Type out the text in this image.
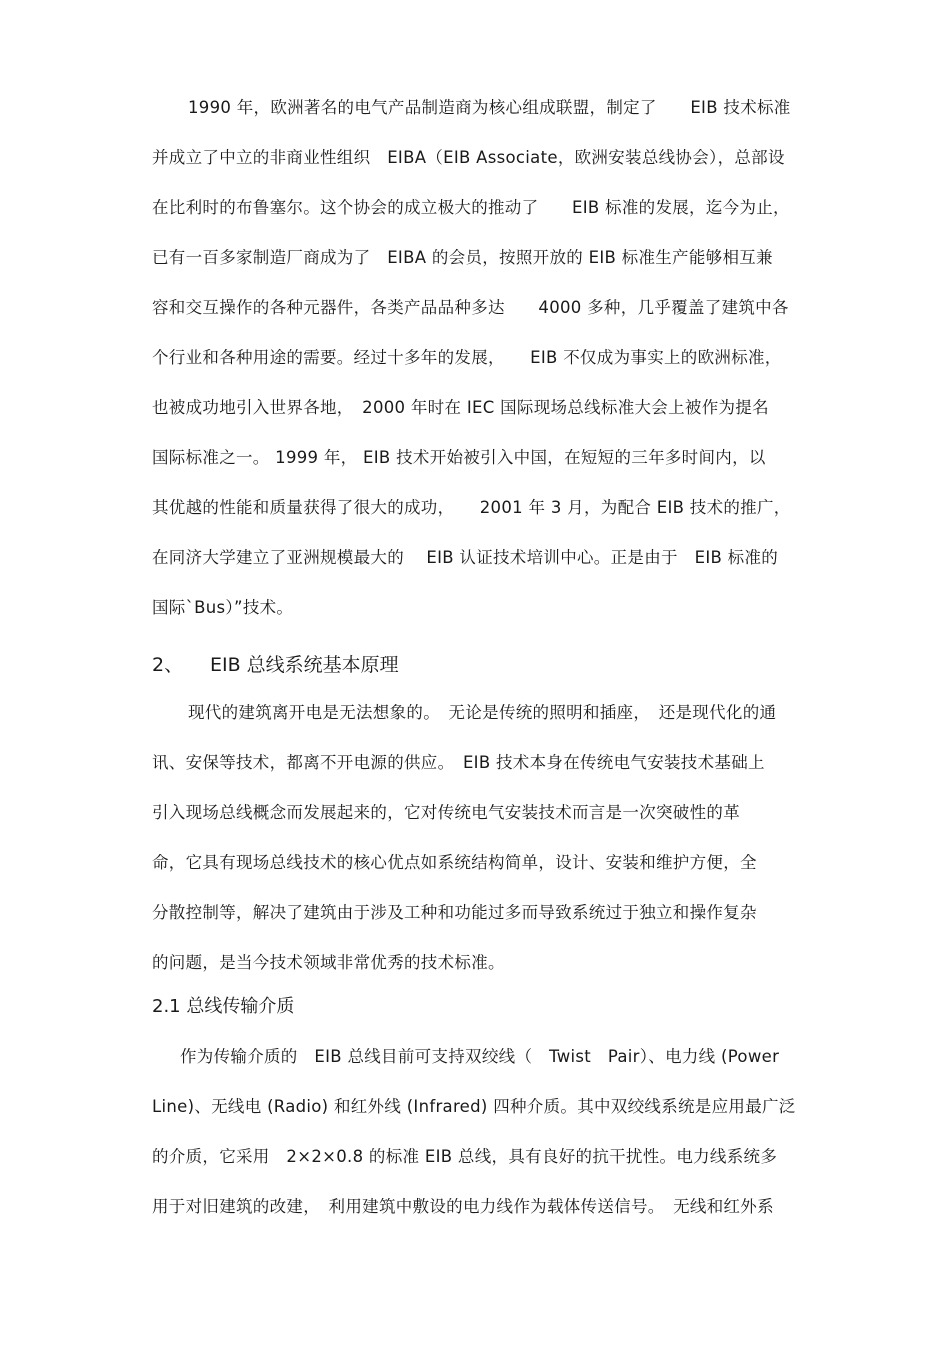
1990 年，欧洲著名的电气产品制造商为核心组成联盟，制定了　　EIB 技术标准
并成立了中立的非商业性组织　EIBA（EIB Associate，欧洲安装总线协会），总部设
在比利时的布鲁塞尔。这个协会的成立极大的推动了　　EIB 标准的发展，迄今为止，
已有一百多家制造厂商成为了　EIBA 的会员，按照开放的 EIB 标准生产能够相互兼
容和交互操作的各种元器件，各类产品品种多达　　4000 多种，几乎覆盖了建筑中各
个行业和各种用途的需要。经过十多年的发展，　　EIB 不仅成为事实上的欧洲标准，
也被成功地引入世界各地，　2000 年时在 IEC 国际现场总线标准大会上被作为提名
国际标准之一。 1999 年， EIB 技术开始被引入中国，在短短的三年多时间内，以
其优越的性能和质量获得了很大的成功，　　2001 年 3 月，为配合 EIB 技术的推广，
在同济大学建立了亚洲规模最大的　 EIB 认证技术培训中心。正是由于　EIB 标准的
国际`Bus）”技术。
2、 EIB 总线系统基本原理
现代的建筑离开电是无法想象的。　无论是传统的照明和插座，　还是现代化的通
讯、安保等技术，都离不开电源的供应。　EIB 技术本身在传统电气安装技术基础上
引入现场总线概念而发展起来的，它对传统电气安装技术而言是一次突破性的革
命，它具有现场总线技术的核心优点如系统结构简单，设计、安装和维护方便，全
分散控制等，解决了建筑由于涉及工种和功能过多而导致系统过于独立和操作复杂
的问题，是当今技术领域非常优秀的技术标准。
2.1 总线传输介质
作为传输介质的　EIB 总线目前可支持双绞线（　Twist　Pair）、电力线 (Power
Line)、无线电 (Radio) 和红外线 (Infrared) 四种介质。其中双绞线系统是应用最广泛
的介质，它采用　2×2×0.8 的标准 EIB 总线，具有良好的抗干扰性。电力线系统多
用于对旧建筑的改建，　利用建筑中敷设的电力线作为载体传送信号。　无线和红外系
